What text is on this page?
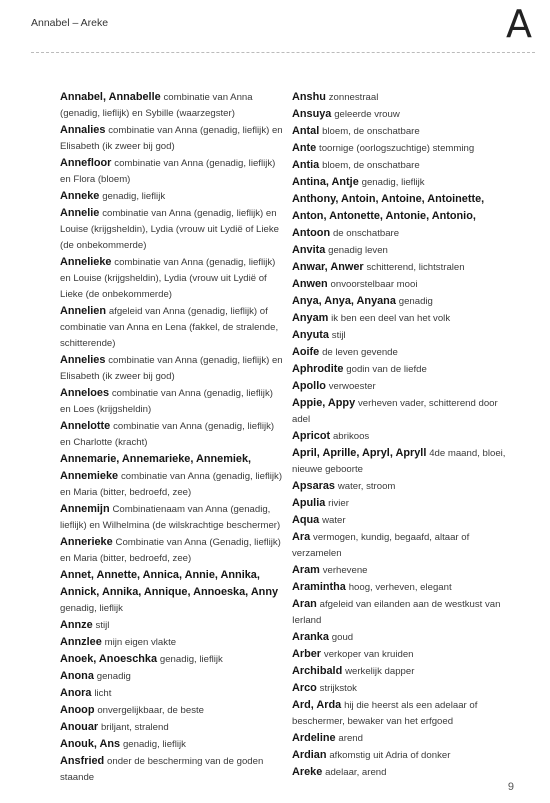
Annabel – Areke	A

Annabel, Annabelle combinatie van Anna (genadig, lieflijk) en Sybille (waarzegster)

Annalies combinatie van Anna (genadig, lieflijk) en Elisabeth (ik zweer bij god)

Annefloor combinatie van Anna (genadig, lieflijk) en Flora (bloem)

Anneke genadig, lieflijk

Annelie combinatie van Anna (genadig, lieflijk) en Louise (krijgsheldin), Lydia (vrouw uit Lydië of Lieke (de onbekommerde)

Annelieke combinatie van Anna (genadig, lieflijk) en Louise (krijgsheldin), Lydia (vrouw uit Lydië of Lieke (de onbekommerde)

Annelien afgeleid van Anna (genadig, lieflijk) of combinatie van Anna en Lena (fakkel, de stralende, schitterende)

Annelies combinatie van Anna (genadig, lieflijk) en Elisabeth (ik zweer bij god)

Anneloes combinatie van Anna (genadig, lieflijk) en Loes (krijgsheldin)

Annelotte combinatie van Anna (genadig, lieflijk) en Charlotte (kracht)

Annemarie, Annemarieke, Annemiek, Annemieke combinatie van Anna (genadig, lieflijk) en Maria (bitter, bedroefd, zee)

Annemijn Combinatienaam van Anna (genadig, lieflijk) en Wilhelmina (de wilskrachtige beschermer)

Annerieke Combinatie van Anna (Genadig, lieflijk) en Maria (bitter, bedroefd, zee)

Annet, Annette, Annica, Annie, Annika, Annick, Annika, Annique, Annoeska, Anny genadig, lieflijk

Annze stijl

Annzlee mijn eigen vlakte

Anoek, Anoeschka genadig, lieflijk

Anona genadig

Anora licht

Anoop onvergelijkbaar, de beste

Anouar briljant, stralend

Anouk, Ans genadig, lieflijk

Ansfried onder de bescherming van de goden staande

Anshu zonnestraal

Ansuya geleerde vrouw

Antal bloem, de onschatbare

Ante toornige (oorlogszuchtige) stemming

Antia bloem, de onschatbare

Antina, Antje genadig, lieflijk

Anthony, Antoin, Antoine, Antoinette, Anton, Antonette, Antonie, Antonio, Antoon de onschatbare

Anvita genadig leven

Anwar, Anwer schitterend, lichtstralen

Anwen onvoorstelbaar mooi

Anya, Anya, Anyana genadig

Anyam ik ben een deel van het volk

Anyuta stijl

Aoife de leven gevende

Aphrodite godin van de liefde

Apollo verwoester

Appie, Appy verheven vader, schitterend door adel

Apricot abrikoos

April, Aprille, Apryl, Apryll 4de maand, bloei, nieuwe geboorte

Apsaras water, stroom

Apulia rivier

Aqua water

Ara vermogen, kundig, begaafd, altaar of verzamelen

Aram verhevene

Aramintha hoog, verheven, elegant

Aran afgeleid van eilanden aan de westkust van Ierland

Aranka goud

Arber verkoper van kruiden

Archibald werkelijk dapper

Arco strijkstok

Ard, Arda hij die heerst als een adelaar of beschermer, bewaker van het erfgoed

Ardeline arend

Ardian afkomstig uit Adria of donker

Areke adelaar, arend

9
